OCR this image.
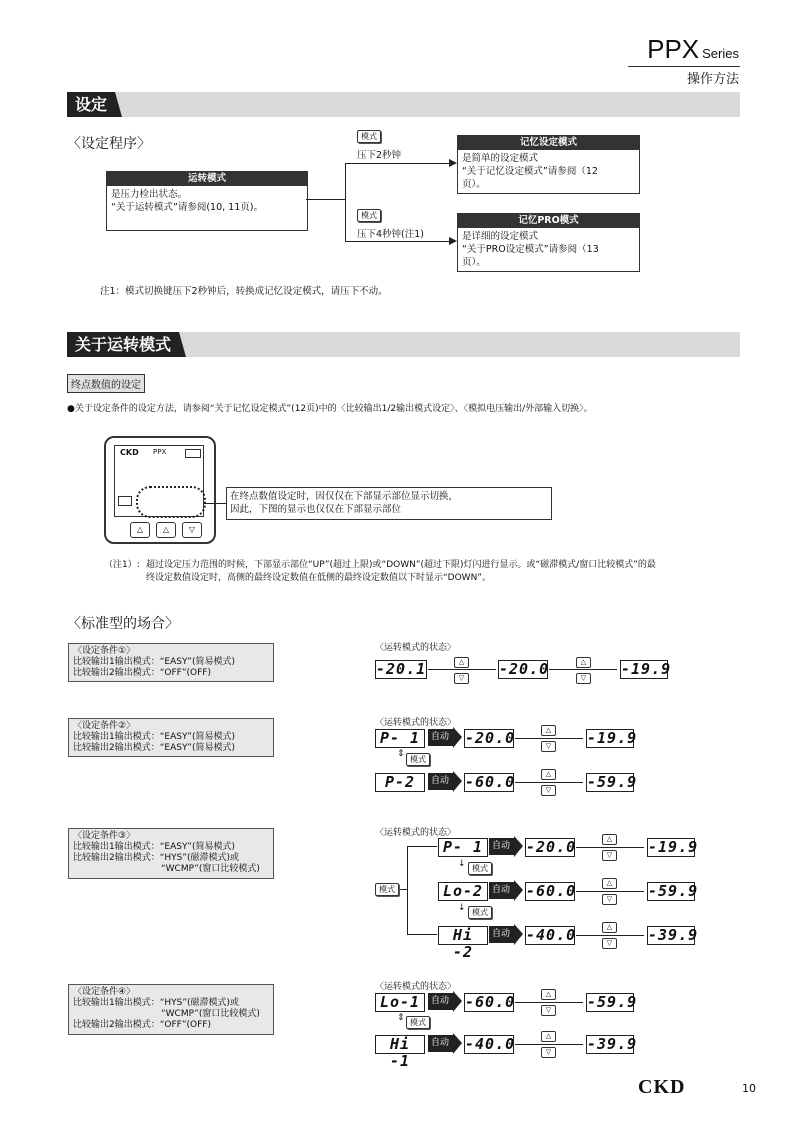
PPX Series
操作方法
设定
〈设定程序〉
运转模式
是压力检出状态。
“关于运转模式”请参阅(10, 11页)。
模式
压下2秒钟
模式
压下4秒钟(注1)
记忆设定模式
是简单的设定模式
“关于记忆设定模式”请参阅（12
页）。
记忆PRO模式
是详细的设定模式
“关于PRO设定模式”请参阅（13
页）。
注1：模式切换键压下2秒钟后，转换成记忆设定模式，请压下不动。
关于运转模式
终点数值的设定
●关于设定条件的设定方法，请参阅“关于记忆设定模式”(12页)中的〈比较输出1/2输出模式设定〉、〈模拟电压输出/外部输入切换〉。
CKD PPX
△	△	▽
在终点数值设定时，因仅仅在下部显示部位显示切换，
因此，下图的显示也仅仅在下部显示部位
（注1）: 超过设定压力范围的时候，下部显示部位“UP”(超过上限)或“DOWN”(超过下限)灯闪进行显示。或“磁滞模式/窗口比较模式”的最
终设定数值设定时，高侧的最终设定数值在低侧的最终设定数值以下时显示“DOWN”。
〈标准型的场合〉
〈设定条件①〉
比较输出1输出模式：“EASY”(简易模式)
比较输出2输出模式：“OFF”(OFF)
〈运转模式的状态〉
-20.1	△
▽	-20.0	△
▽	-19.9
〈设定条件②〉
比较输出1输出模式：“EASY”(简易模式)
比较输出2输出模式：“EASY”(简易模式)
〈运转模式的状态〉
P- 1	自动 -20.0	△
▽	-19.9
⇕
模式
P-2	自动 -60.0	△
▽	-59.9
〈设定条件③〉
比较输出1输出模式：“EASY”(简易模式)
比较输出2输出模式：“HYS”(磁滞模式)或
“WCMP”(窗口比较模式)
〈运转模式的状态〉
模式
P- 1 自动 -20.0	△
▽	-19.9
↓ 模式
Lo-2 自动 -60.0	△
▽	-59.9
↓ 模式
Hi -2
自动 -40.0	△
▽	-39.9
〈设定条件④〉
比较输出1输出模式：“HYS”(磁滞模式)或
“WCMP”(窗口比较模式)
比较输出2输出模式：“OFF”(OFF)
〈运转模式的状态〉
Lo-1	自动 -60.0	△
▽	-59.9
⇕ 模式
Hi -1
自动 -40.0	△
▽	-39.9
CKD	10
